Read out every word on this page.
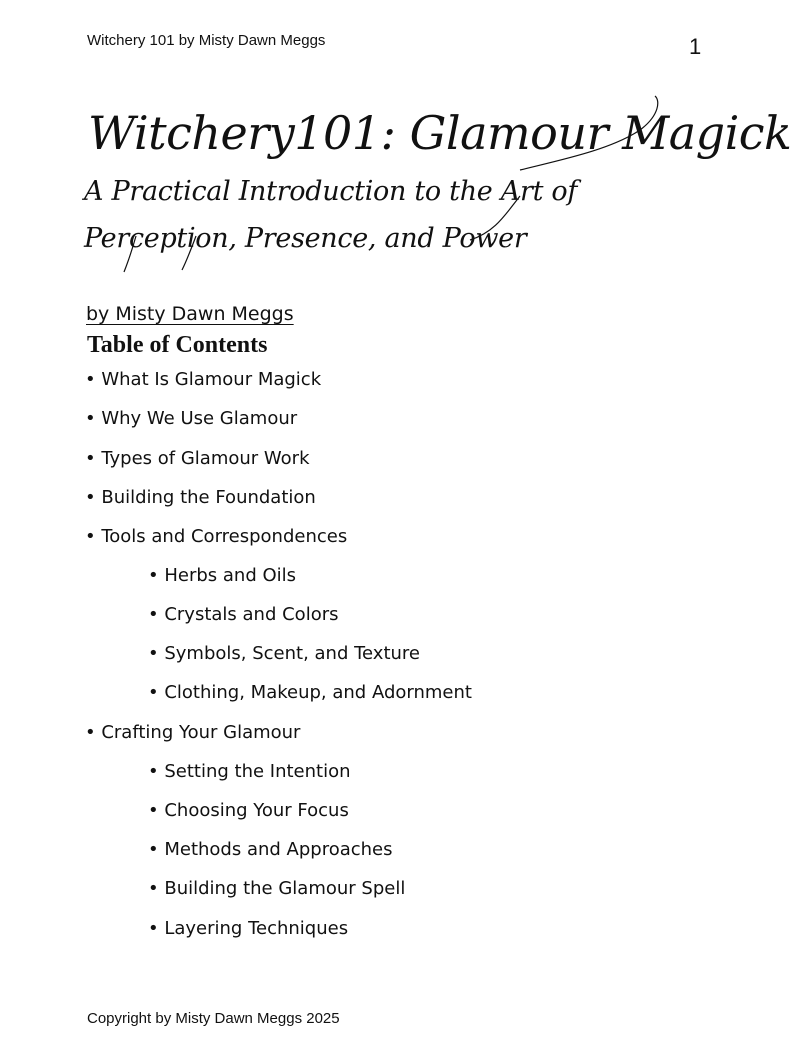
Witchery 101 by Misty Dawn Meggs	1
Witchery101: Glamour Magick
A Practical Introduction to the Art of
Perception, Presence, and Power
by Misty Dawn Meggs
Table of Contents
• What Is Glamour Magick
• Why We Use Glamour
• Types of Glamour Work
• Building the Foundation
• Tools and Correspondences
• Herbs and Oils
• Crystals and Colors
• Symbols, Scent, and Texture
• Clothing, Makeup, and Adornment
• Crafting Your Glamour
• Setting the Intention
• Choosing Your Focus
• Methods and Approaches
• Building the Glamour Spell
• Layering Techniques
Copyright by Misty Dawn Meggs 2025
